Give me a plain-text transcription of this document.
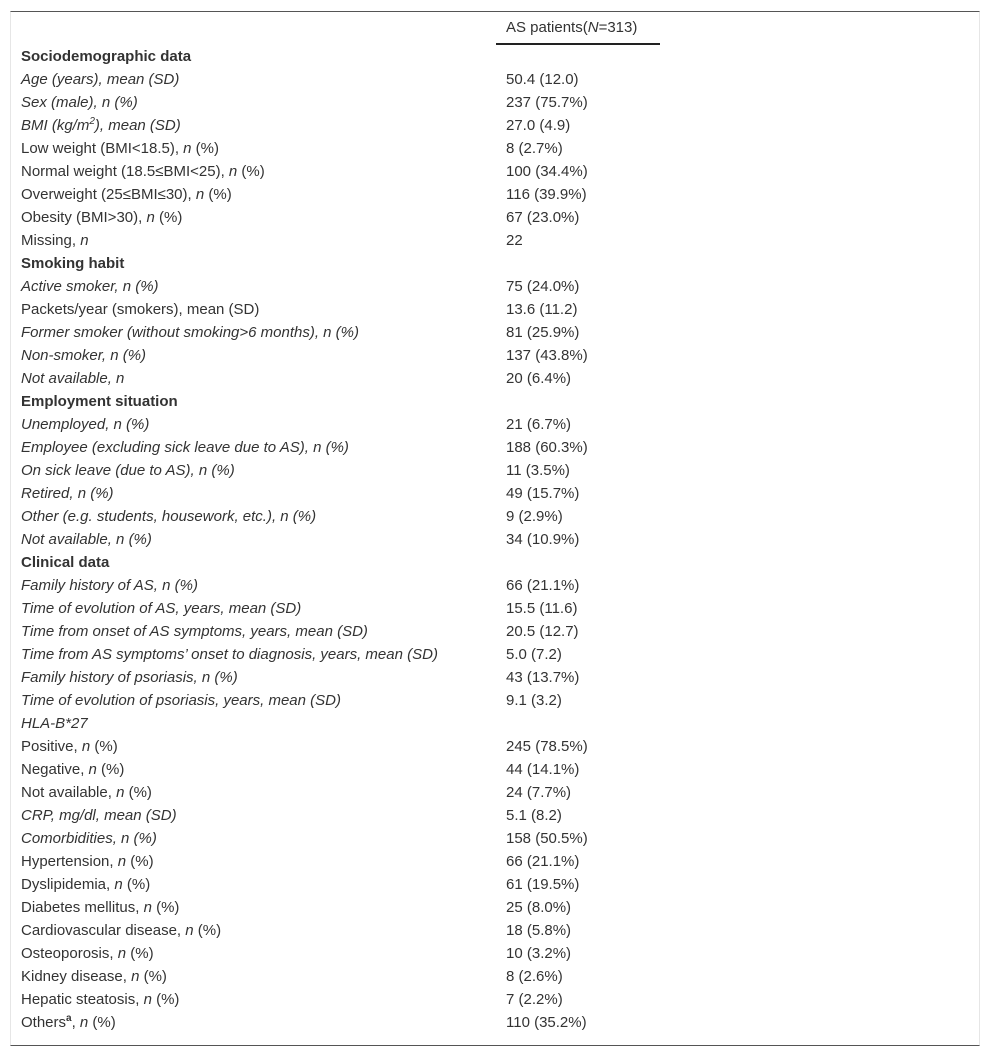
	AS patients(N=313)	
Sociodemographic data		
Age (years), mean (SD)	50.4 (12.0)	
Sex (male), n (%)	237 (75.7%)	
BMI $(kg/m^2)$, mean (SD)	27.0 (4.9)	
Low weight (BMI<18.5), n (%)	8 (2.7%)	
Normal weight (18.5≤BMI<25), n (%)	100 (34.4%)	
Overweight (25≤BMI≤30), n (%)	116 (39.9%)	
Obesity (BMI>30), n (%)	67 (23.0%)	
Missing, n	22	
Smoking habit		
Active smoker, n (%)	75 (24.0%)	
Packets/year (smokers), mean (SD)	13.6 (11.2)	
Former smoker (without smoking>6 months), n (%)	81 (25.9%)	
Non-smoker, n (%)	137 (43.8%)	
Not available, n	20 (6.4%)	
Employment situation		
Unemployed, n (%)	21 (6.7%)	
Employee (excluding sick leave due to AS), n (%)	188 (60.3%)	
On sick leave (due to AS), n (%)	11 (3.5%)	
Retired, n (%)	49 (15.7%)	
Other (e.g. students, housework, etc.), n (%)	9 (2.9%)	
Not available, n (%)	34 (10.9%)	
Clinical data		
Family history of AS, n (%)	66 (21.1%)	
Time of evolution of AS, years, mean (SD)	15.5 (11.6)	
Time from onset of AS symptoms, years, mean (SD)	20.5 (12.7)	
Time from AS symptoms’ onset to diagnosis, years, mean (SD)	5.0 (7.2)	
Family history of psoriasis, n (%)	43 (13.7%)	
Time of evolution of psoriasis, years, mean (SD)	9.1 (3.2)	
HLA-B*27		
Positive, n (%)	245 (78.5%)	
Negative, n (%)	44 (14.1%)	
Not available, n (%)	24 (7.7%)	
CRP, mg/dl, mean (SD)	5.1 (8.2)	
Comorbidities, n (%)	158 (50.5%)	
Hypertension, n (%)	66 (21.1%)	
Dyslipidemia, n (%)	61 (19.5%)	
Diabetes mellitus, n (%)	25 (8.0%)	
Cardiovascular disease, n (%)	18 (5.8%)	
Osteoporosis, n (%)	10 (3.2%)	
Kidney disease, n (%)	8 (2.6%)	
Hepatic steatosis, n (%)	7 (2.2%)	
Others$^a$, n (%)	110 (35.2%)	
